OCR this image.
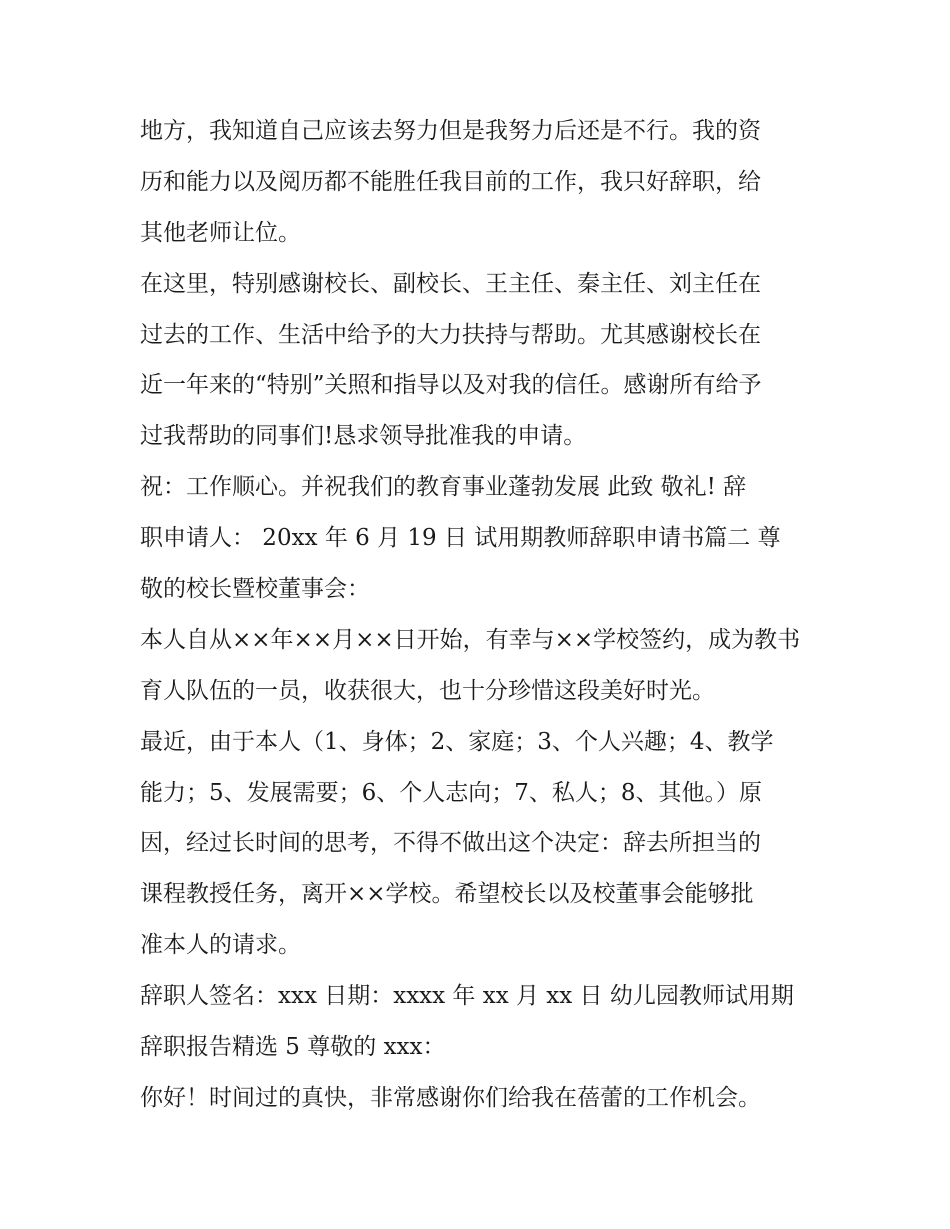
地方，我知道自己应该去努力但是我努力后还是不行。我的资
历和能力以及阅历都不能胜任我目前的工作，我只好辞职，给
其他老师让位。

在这里，特别感谢校长、副校长、王主任、秦主任、刘主任在
过去的工作、生活中给予的大力扶持与帮助。尤其感谢校长在
近一年来的“特别”关照和指导以及对我的信任。感谢所有给予
过我帮助的同事们!恳求领导批准我的申请。

祝：工作顺心。并祝我们的教育事业蓬勃发展 此致 敬礼! 辞
职申请人： 20xx 年 6 月 19 日 试用期教师辞职申请书篇二 尊
敬的校长暨校董事会：

本人自从××年××月××日开始，有幸与××学校签约，成为教书
育人队伍的一员，收获很大，也十分珍惜这段美好时光。

最近，由于本人（1、身体；2、家庭；3、个人兴趣；4、教学
能力；5、发展需要；6、个人志向；7、私人；8、其他。）原
因，经过长时间的思考，不得不做出这个决定：辞去所担当的
课程教授任务，离开××学校。希望校长以及校董事会能够批
准本人的请求。

辞职人签名：xxx 日期：xxxx 年 xx 月 xx 日 幼儿园教师试用期
辞职报告精选 5 尊敬的 xxx：

你好！时间过的真快，非常感谢你们给我在蓓蕾的工作机会。
